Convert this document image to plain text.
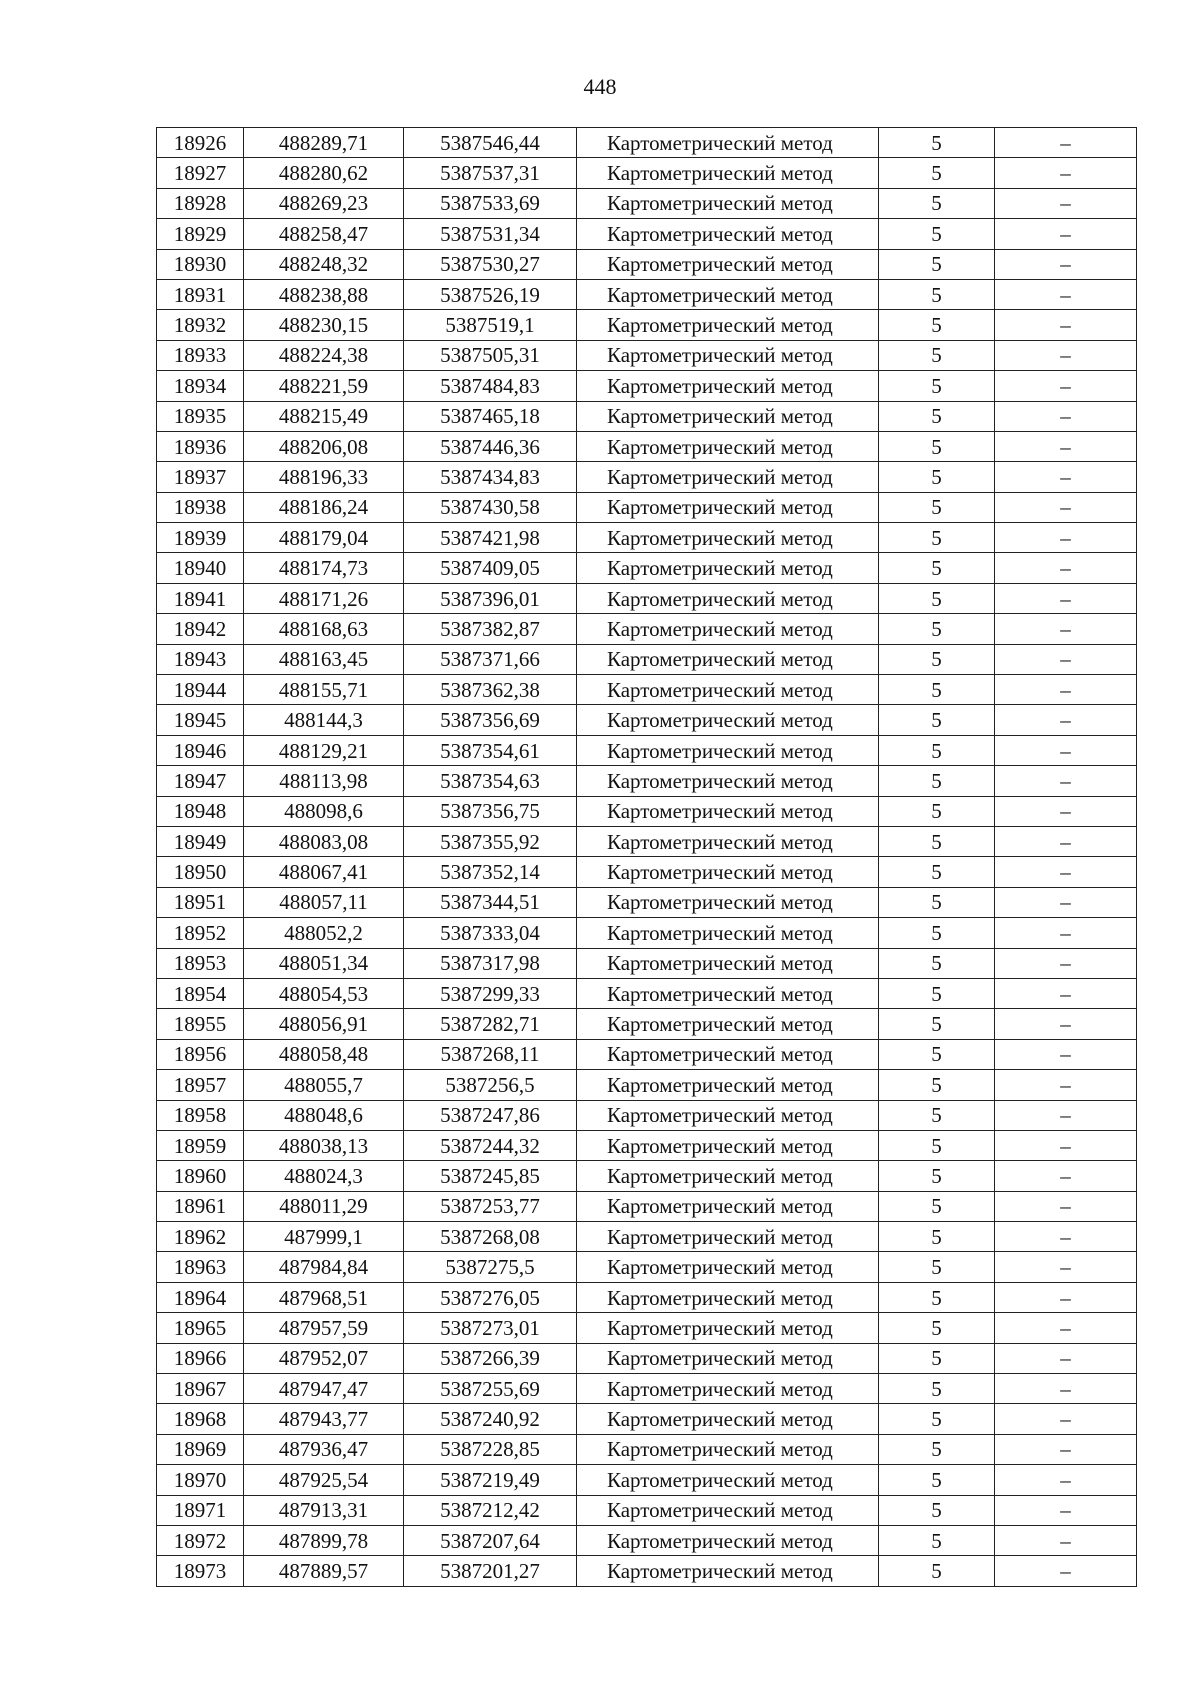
448
18926	488289,71	5387546,44	Картометрический метод	5	–
18927	488280,62	5387537,31	Картометрический метод	5	–
18928	488269,23	5387533,69	Картометрический метод	5	–
18929	488258,47	5387531,34	Картометрический метод	5	–
18930	488248,32	5387530,27	Картометрический метод	5	–
18931	488238,88	5387526,19	Картометрический метод	5	–
18932	488230,15	5387519,1	Картометрический метод	5	–
18933	488224,38	5387505,31	Картометрический метод	5	–
18934	488221,59	5387484,83	Картометрический метод	5	–
18935	488215,49	5387465,18	Картометрический метод	5	–
18936	488206,08	5387446,36	Картометрический метод	5	–
18937	488196,33	5387434,83	Картометрический метод	5	–
18938	488186,24	5387430,58	Картометрический метод	5	–
18939	488179,04	5387421,98	Картометрический метод	5	–
18940	488174,73	5387409,05	Картометрический метод	5	–
18941	488171,26	5387396,01	Картометрический метод	5	–
18942	488168,63	5387382,87	Картометрический метод	5	–
18943	488163,45	5387371,66	Картометрический метод	5	–
18944	488155,71	5387362,38	Картометрический метод	5	–
18945	488144,3	5387356,69	Картометрический метод	5	–
18946	488129,21	5387354,61	Картометрический метод	5	–
18947	488113,98	5387354,63	Картометрический метод	5	–
18948	488098,6	5387356,75	Картометрический метод	5	–
18949	488083,08	5387355,92	Картометрический метод	5	–
18950	488067,41	5387352,14	Картометрический метод	5	–
18951	488057,11	5387344,51	Картометрический метод	5	–
18952	488052,2	5387333,04	Картометрический метод	5	–
18953	488051,34	5387317,98	Картометрический метод	5	–
18954	488054,53	5387299,33	Картометрический метод	5	–
18955	488056,91	5387282,71	Картометрический метод	5	–
18956	488058,48	5387268,11	Картометрический метод	5	–
18957	488055,7	5387256,5	Картометрический метод	5	–
18958	488048,6	5387247,86	Картометрический метод	5	–
18959	488038,13	5387244,32	Картометрический метод	5	–
18960	488024,3	5387245,85	Картометрический метод	5	–
18961	488011,29	5387253,77	Картометрический метод	5	–
18962	487999,1	5387268,08	Картометрический метод	5	–
18963	487984,84	5387275,5	Картометрический метод	5	–
18964	487968,51	5387276,05	Картометрический метод	5	–
18965	487957,59	5387273,01	Картометрический метод	5	–
18966	487952,07	5387266,39	Картометрический метод	5	–
18967	487947,47	5387255,69	Картометрический метод	5	–
18968	487943,77	5387240,92	Картометрический метод	5	–
18969	487936,47	5387228,85	Картометрический метод	5	–
18970	487925,54	5387219,49	Картометрический метод	5	–
18971	487913,31	5387212,42	Картометрический метод	5	–
18972	487899,78	5387207,64	Картометрический метод	5	–
18973	487889,57	5387201,27	Картометрический метод	5	–
